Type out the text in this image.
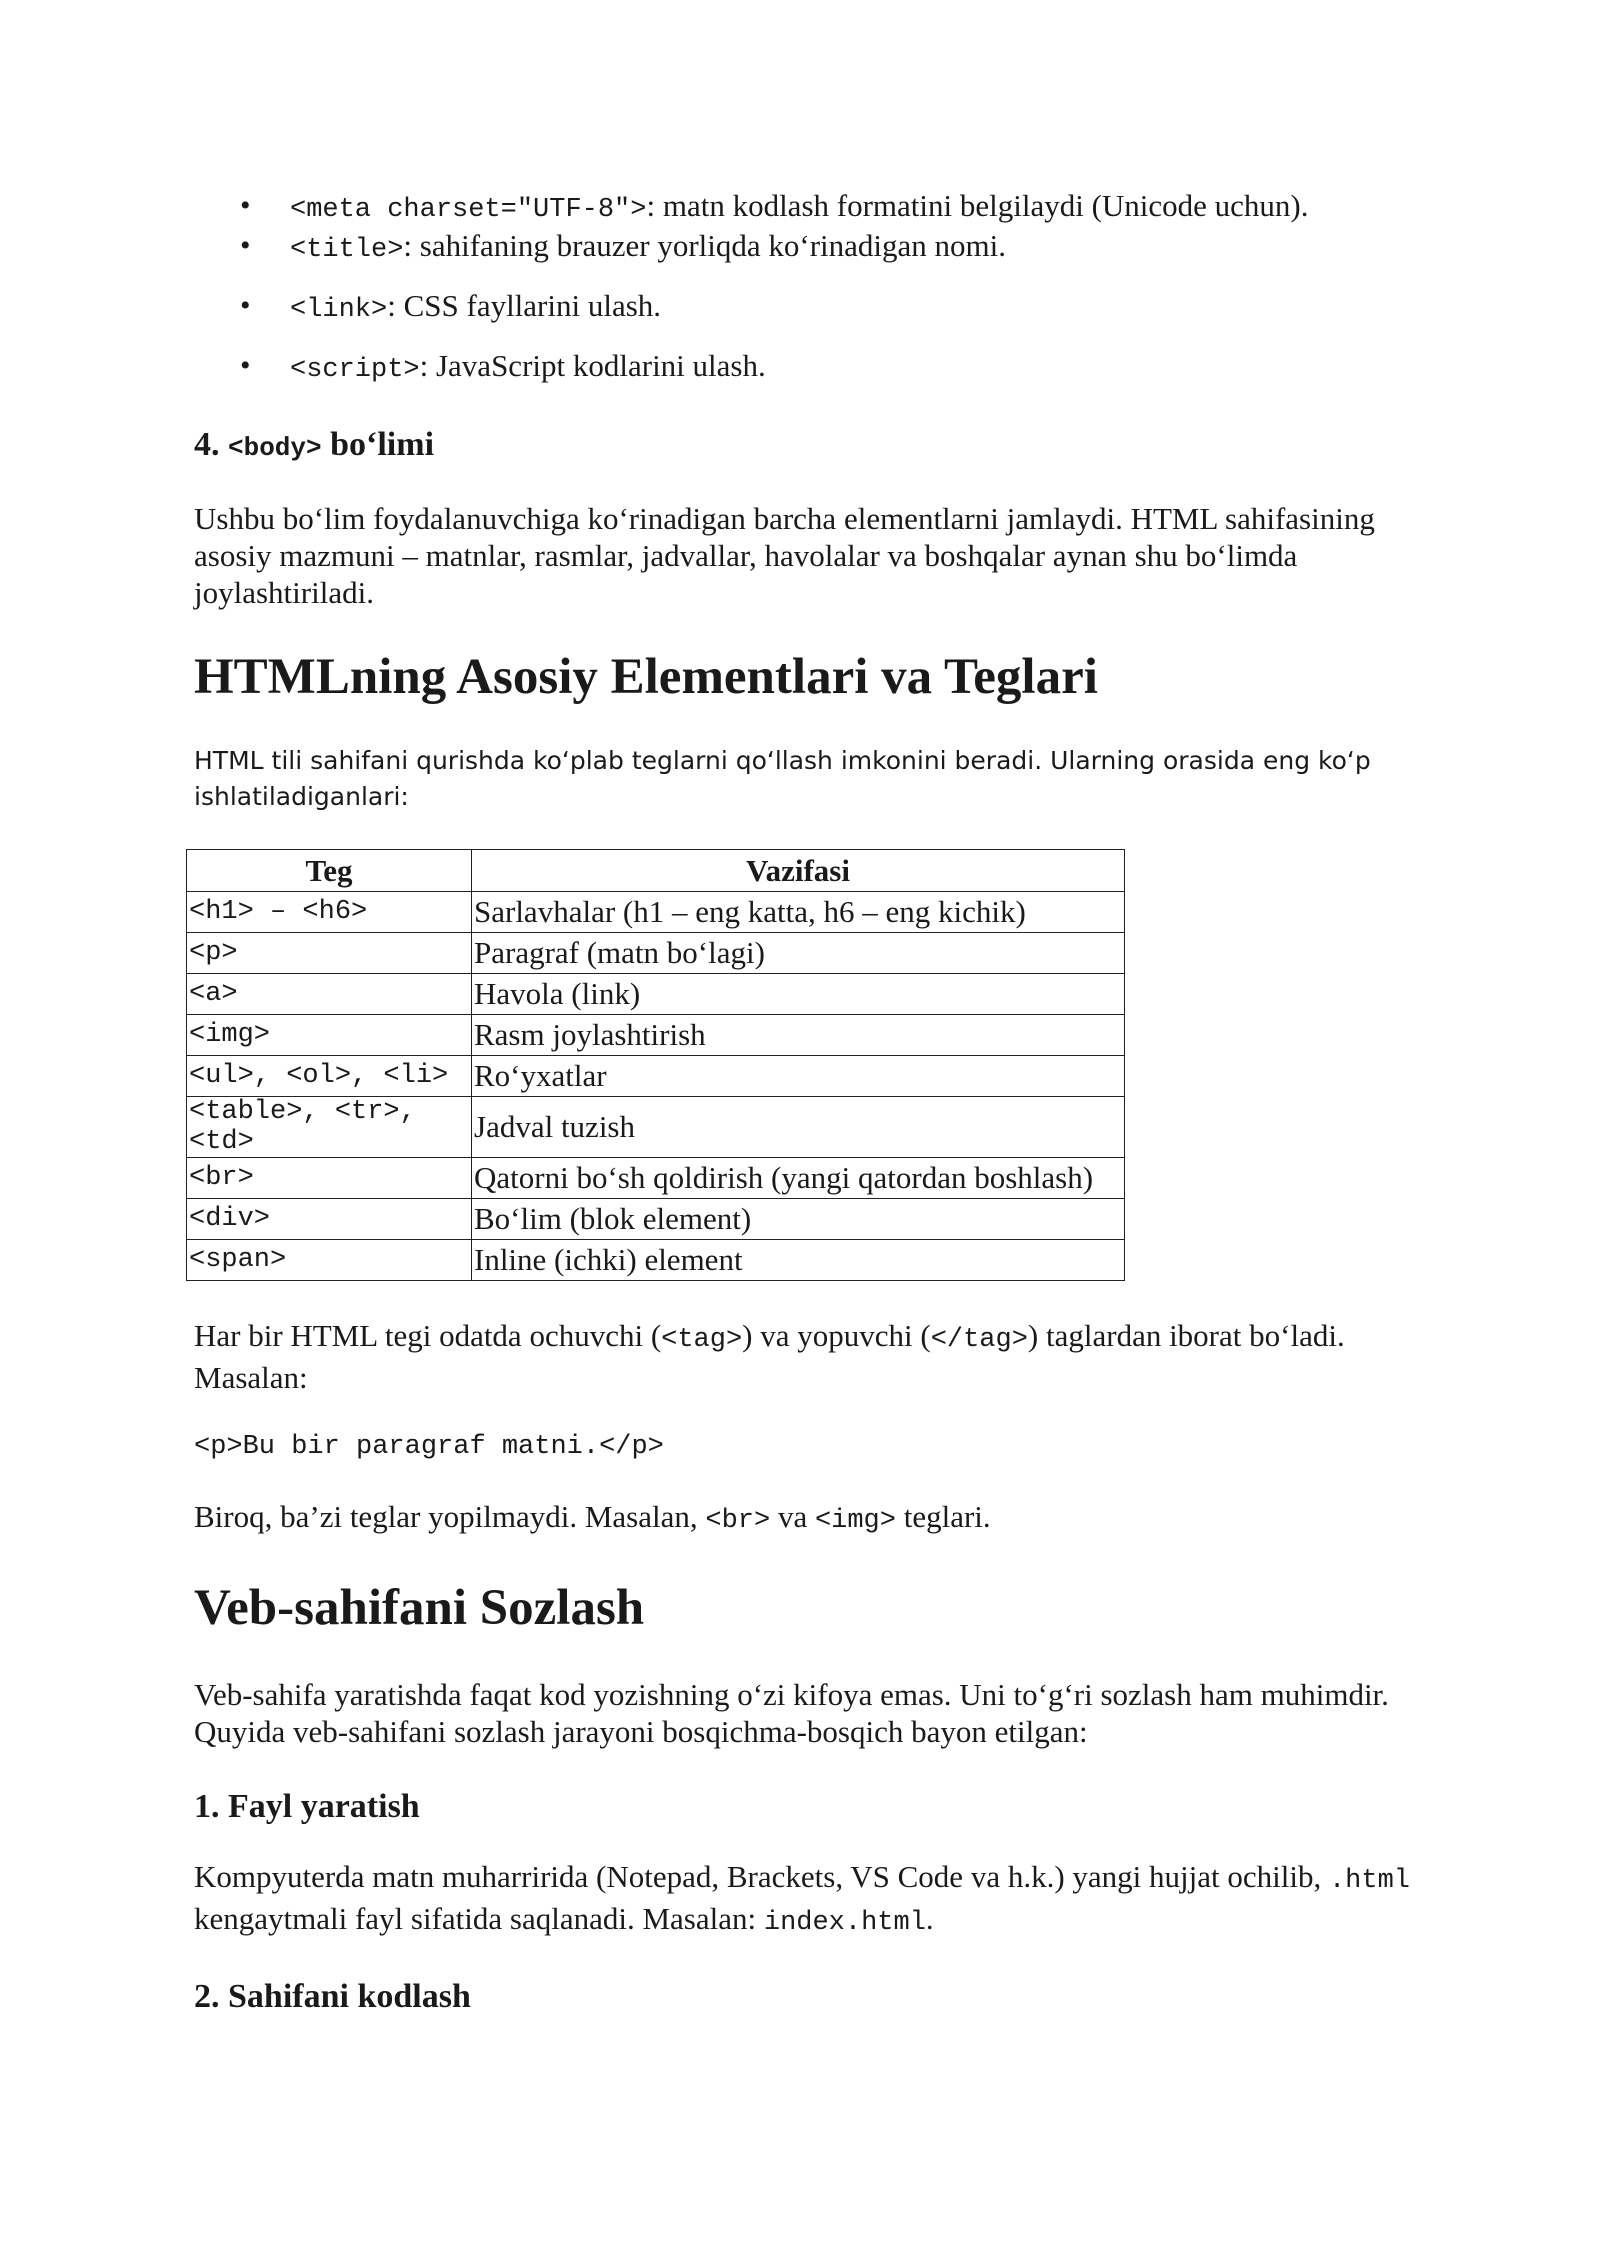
• <meta charset="UTF-8">: matn kodlash formatini belgilaydi (Unicode uchun).
• <title>: sahifaning brauzer yorliqda ko‘rinadigan nomi.
• <link>: CSS fayllarini ulash.
• <script>: JavaScript kodlarini ulash.
4. <body> bo‘limi

Ushbu bo‘lim foydalanuvchiga ko‘rinadigan barcha elementlarni jamlaydi. HTML sahifasining asosiy mazmuni – matnlar, rasmlar, jadvallar, havolalar va boshqalar aynan shu bo‘limda joylashtiriladi.

HTMLning Asosiy Elementlari va Teglari

HTML tili sahifani qurishda ko‘plab teglarni qo‘llash imkonini beradi. Ularning orasida eng ko‘p ishlatiladiganlari:

Teg	Vazifasi
<h1> – <h6>	Sarlavhalar (h1 – eng katta, h6 – eng kichik)
<p>	Paragraf (matn bo‘lagi)
<a>	Havola (link)
<img>	Rasm joylashtirish
<ul>, <ol>, <li>	Ro‘yxatlar
<table>, <tr>, <td>	Jadval tuzish
<br>	Qatorni bo‘sh qoldirish (yangi qatordan boshlash)
<div>	Bo‘lim (blok element)
<span>	Inline (ichki) element

Har bir HTML tegi odatda ochuvchi (<tag>) va yopuvchi (</tag>) taglardan iborat bo‘ladi. Masalan:

<p>Bu bir paragraf matni.</p>

Biroq, ba’zi teglar yopilmaydi. Masalan, <br> va <img> teglari.

Veb-sahifani Sozlash

Veb-sahifa yaratishda faqat kod yozishning o‘zi kifoya emas. Uni to‘g‘ri sozlash ham muhimdir. Quyida veb-sahifani sozlash jarayoni bosqichma-bosqich bayon etilgan:

1. Fayl yaratish

Kompyuterda matn muharririda (Notepad, Brackets, VS Code va h.k.) yangi hujjat ochilib, .html kengaytmali fayl sifatida saqlanadi. Masalan: index.html.

2. Sahifani kodlash
